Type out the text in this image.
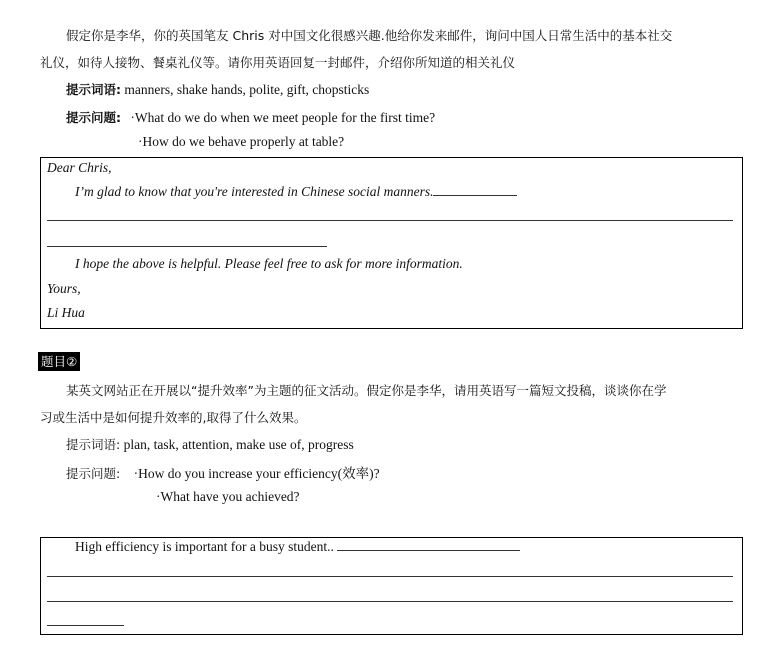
假定你是李华，你的英国笔友 Chris 对中国文化很感兴趣.他给你发来邮件，询问中国人日常生活中的基本社交
礼仪，如待人接物、餐桌礼仪等。请你用英语回复一封邮件，介绍你所知道的相关礼仪
提示词语: manners, shake hands, polite, gift, chopsticks
提示问题: ·What do we do when we meet people for the first time?
·How do we behave properly at table?
Dear Chris,
I’m glad to know that you're interested in Chinese social manners.
I hope the above is helpful. Please feel free to ask for more information.
Yours,
Li Hua
题目②
某英文网站正在开展以“提升效率”为主题的征文活动。假定你是李华，请用英语写一篇短文投稿，谈谈你在学
习或生活中是如何提升效率的,取得了什么效果。
提示词语: plan, task, attention, make use of, progress
提示问题: ·How do you increase your efficiency(效率)?
·What have you achieved?
High efficiency is important for a busy student..
